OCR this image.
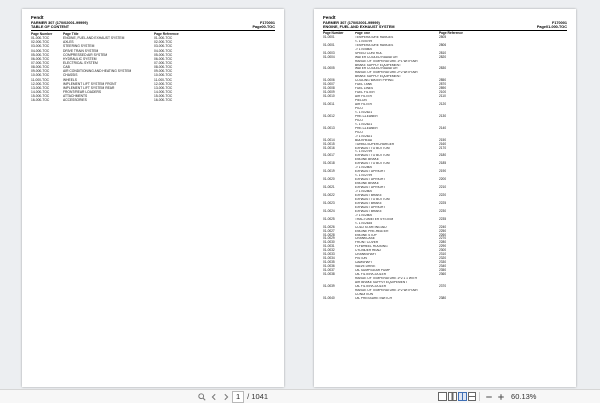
Fendt
FARMER 307 (170/02001-99999)	F170001
TABLE OF CONTENT	Page00-TOC
Page Number	Page Title	Page Reference
01-000-TOC	ENGINE, FUEL AND EXHAUST SYSTEM	01-000-TOC
02-000-TOC	AXLES	02-000-TOC
03-000-TOC	STEERING SYSTEM	03-000-TOC
04-000-TOC	DRIVE TRAIN SYSTEM	04-000-TOC
05-000-TOC	COMPRESSED AIR SYSTEM	05-000-TOC
06-000-TOC	HYDRAULIC SYSTEM	06-000-TOC
07-000-TOC	ELECTRICAL SYSTEM	07-000-TOC
08-000-TOC	CAB	08-000-TOC
09-000-TOC	AIR CONDITIONING AND HEATING SYSTEM	09-000-TOC
10-000-TOC	CHASSIS	10-000-TOC
11-000-TOC	WHEELS	11-000-TOC
12-000-TOC	IMPLEMENT LIFT SYSTEM FRONT	12-000-TOC
13-000-TOC	IMPLEMENT LIFT SYSTEM REAR	13-000-TOC
14-000-TOC	FRONT/REAR LOADERS	14-000-TOC
15-000-TOC	ATTACHMENTS	15-000-TOC
16-000-TOC	ACCESSORIES	16-000-TOC
Fendt
FARMER 307 (170/02001-99999)	F170001
ENGINE, FUEL AND EXHAUST SYSTEM	Page01-000-TOC
Page Number	Page Title	Page Reference
01-0001	TEMPERATURE RANGES	2805
<- 170/5799
01-0001	TEMPERATURE RANGES	2806
-> 170/5800
01-0003	SPEED CONTROL	2810
01-0004	WATER COOLED RADIATOR	2820
RANGE OF TEMPERATURE 1+1 WITH AIR
BRAKE SUPPLY EQUIPEMENT
01-0005	WATER COOLED RADIATOR	2830
RANGE OF TEMPERATURE 2+2 WITH AIR
BRAKE SUPPLY EQUIPEMENT
01-0006	COOLING WATER PIPING	2850
01-0007	FUEL TANK	2870
01-0008	FUEL LINES	2890
01-0009	FUEL FILTER	2100
01-0010	AIR FILTER	2110
PIELON
01-0011	AIR FILTER	2120
PICO
<- 170/2621
01-0012	PRE-CLEANER	2130
PICO
<- 170/2621
01-0013	PRE-CLEANER	2140
PICO
-> 170/2621
01-0014	BULKHEAD	2150
01-0015	TURBO-SUPERCHARGER	2160
01-0016	EXHAUST TO BOTTOM	2170
<- 170/2799
01-0017	EXHAUST TO BOTTOM	2180
ENGINE BRAKE
01-0018	EXHAUST TO BOTTOM	2185
-> 170/2800
01-0019	EXHAUST UPRIGHT	2190
<- 170/2799
01-0020	EXHAUST UPRIGHT	2200
ENGINE BRAKE
01-0021	EXHAUST UPRIGHT	2210
-> 170/2800
01-0022	EXHAUST BRAKE	2220
EXHAUST TO BOTTOM
01-0023	EXHAUST BRAKE	2225
EXHAUST UPRIGHT
01-0024	EXHAUST BRAKE	2230
-> 170/2800
01-0025	TRACTOMETER SYSTEM	2235
<- 170/2635
01-0026	COLD STARTING AID	2240
01-0027	ENGINE PRE-HEATER	2250
01-0028	ENGINE STOP	2260
01-0029	CRANKCASE	2270
01-0030	FRONT COVER	2280
01-0031	FLYWHEEL HOUSING	2290
01-0032	CYLINDER HEAD	2300
01-0033	CRANKSHAFT	2310
01-0034	PISTON	2320
01-0035	CAMSHAFT	2330
01-0036	VALVE DRIVE	2340
01-0037	OIL SUMP/GEAR PUMP	2350
01-0038	OIL FILTER/COOLER	2360
RANGE OF TEMPERATURE 1+2 1 1 WITH
AIR BRAKE SUPPLY EQUIPEMENT
01-0039	OIL FILTER/COOLER	2370
RANGE OF TEMPERATURE 1+2 WITH AIR
CONDITION
01-0040	OIL PRESSURE SWITCH	2380
1 / 1041	60.13%
